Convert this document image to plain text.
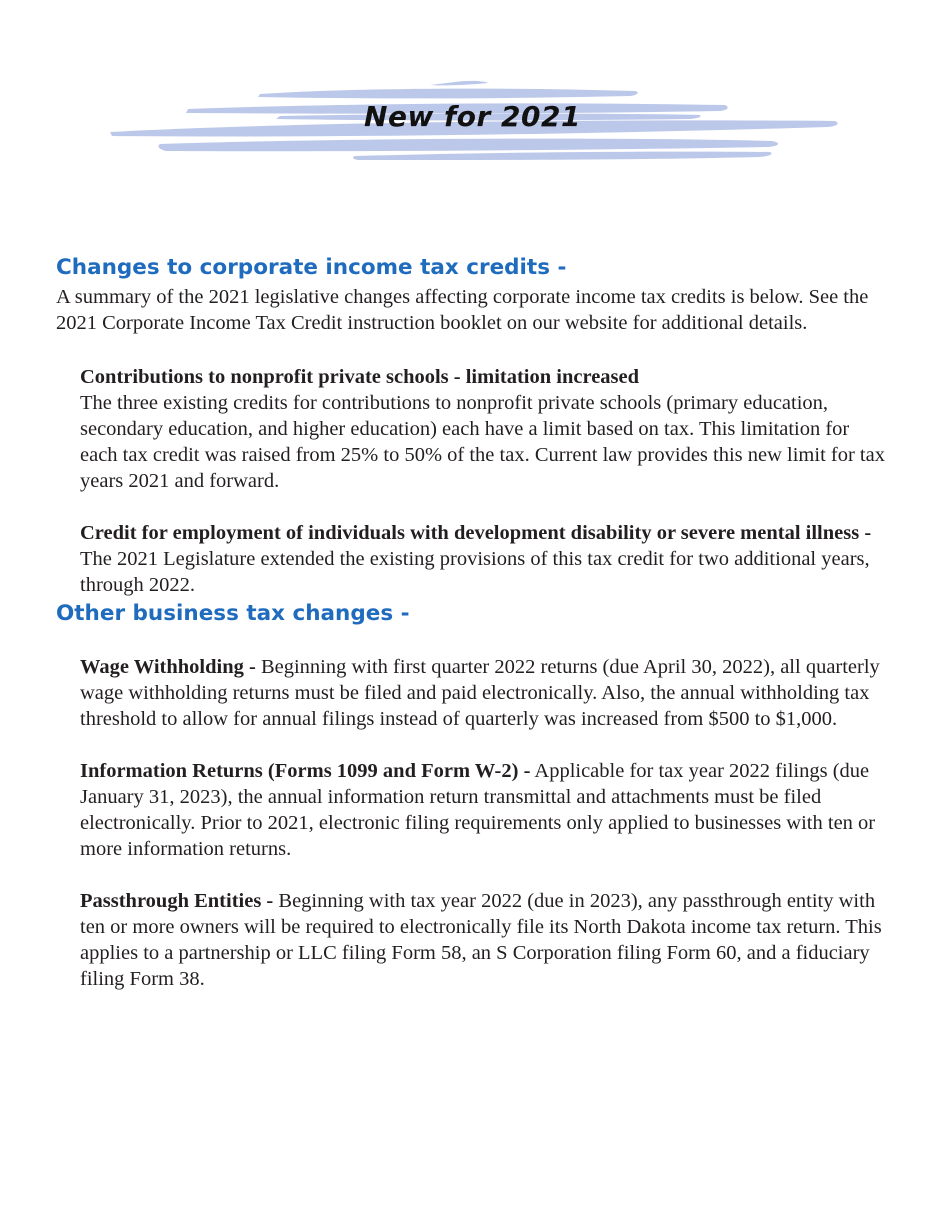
New for 2021
Changes to corporate income tax credits -

A summary of the 2021 legislative changes affecting corporate income tax credits is below. See the 2021 Corporate Income Tax Credit instruction booklet on our website for additional details.

Contributions to nonprofit private schools - limitation increased

The three existing credits for contributions to nonprofit private schools (primary education, secondary education, and higher education) each have a limit based on tax. This limitation for each tax credit was raised from 25% to 50% of the tax. Current law provides this new limit for tax years 2021 and forward.

Credit for employment of individuals with development disability or severe mental illness -

The 2021 Legislature extended the existing provisions of this tax credit for two additional years, through 2022.

Other business tax changes -

Wage Withholding - Beginning with first quarter 2022 returns (due April 30, 2022), all quarterly wage withholding returns must be filed and paid electronically. Also, the annual withholding tax threshold to allow for annual filings instead of quarterly was increased from $500 to $1,000.

Information Returns (Forms 1099 and Form W-2) - Applicable for tax year 2022 filings (due January 31, 2023), the annual information return transmittal and attachments must be filed electronically. Prior to 2021, electronic filing requirements only applied to businesses with ten or more information returns.

Passthrough Entities - Beginning with tax year 2022 (due in 2023), any passthrough entity with ten or more owners will be required to electronically file its North Dakota income tax return. This applies to a partnership or LLC filing Form 58, an S Corporation filing Form 60, and a fiduciary filing Form 38.
